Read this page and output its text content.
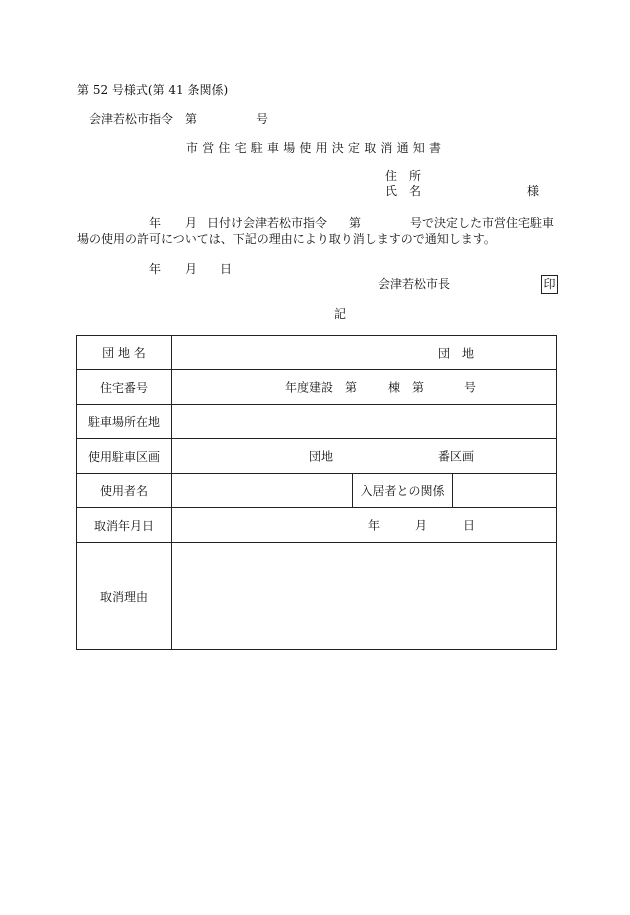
第 52 号様式(第 41 条関係)
会津若松市指令　第	号
市営住宅駐車場使用決定取消通知書
住　所
氏　名	様
年 月 日付け会津若松市指令 第	号で決定した市営住宅駐車
場の使用の許可については、下記の理由により取り消しますので通知します。
年 月 日
会津若松市長	印
記
団 地 名	団　地		

住宅番号	年度建設　第 棟　第 号		

駐車場所在地			
使用駐車区画	団地 番区画		

使用者名		入居者との関係	
取消年月日	年 月 日		

取消理由			
